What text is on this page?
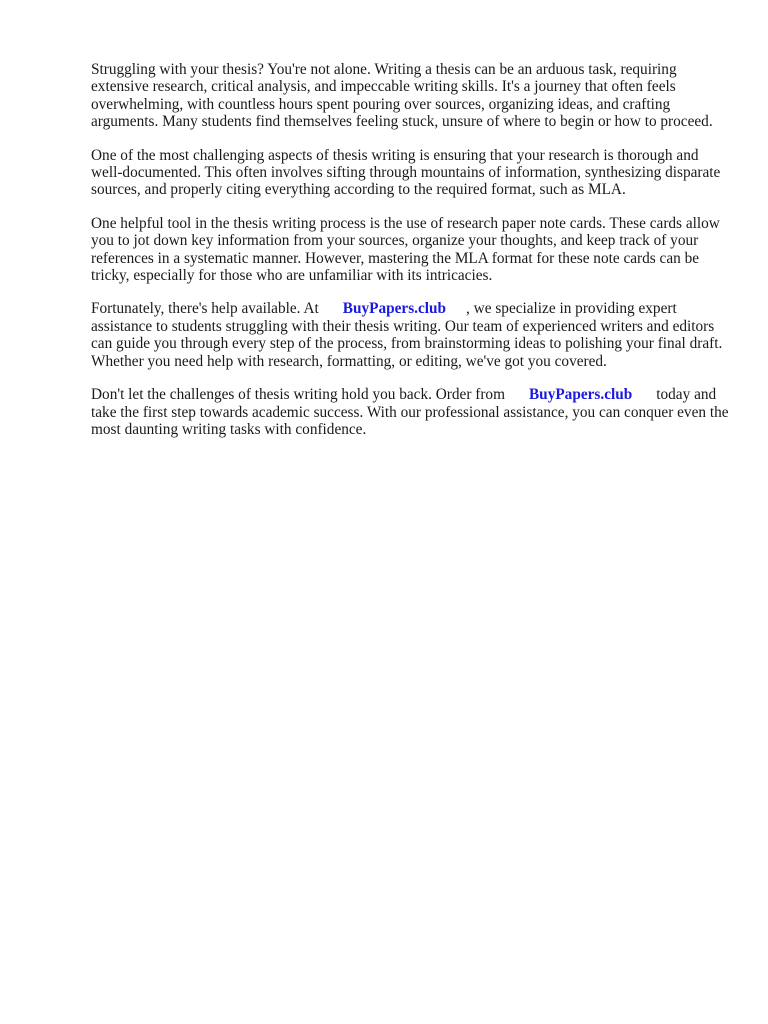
Struggling with your thesis? You're not alone. Writing a thesis can be an arduous task, requiring extensive research, critical analysis, and impeccable writing skills. It's a journey that often feels overwhelming, with countless hours spent pouring over sources, organizing ideas, and crafting arguments. Many students find themselves feeling stuck, unsure of where to begin or how to proceed.

One of the most challenging aspects of thesis writing is ensuring that your research is thorough and well-documented. This often involves sifting through mountains of information, synthesizing disparate sources, and properly citing everything according to the required format, such as MLA.

One helpful tool in the thesis writing process is the use of research paper note cards. These cards allow you to jot down key information from your sources, organize your thoughts, and keep track of your references in a systematic manner. However, mastering the MLA format for these note cards can be tricky, especially for those who are unfamiliar with its intricacies.

Fortunately, there's help available. At BuyPapers.club , we specialize in providing expert assistance to students struggling with their thesis writing. Our team of experienced writers and editors can guide you through every step of the process, from brainstorming ideas to polishing your final draft. Whether you need help with research, formatting, or editing, we've got you covered.

Don't let the challenges of thesis writing hold you back. Order from BuyPapers.club today and take the first step towards academic success. With our professional assistance, you can conquer even the most daunting writing tasks with confidence.
